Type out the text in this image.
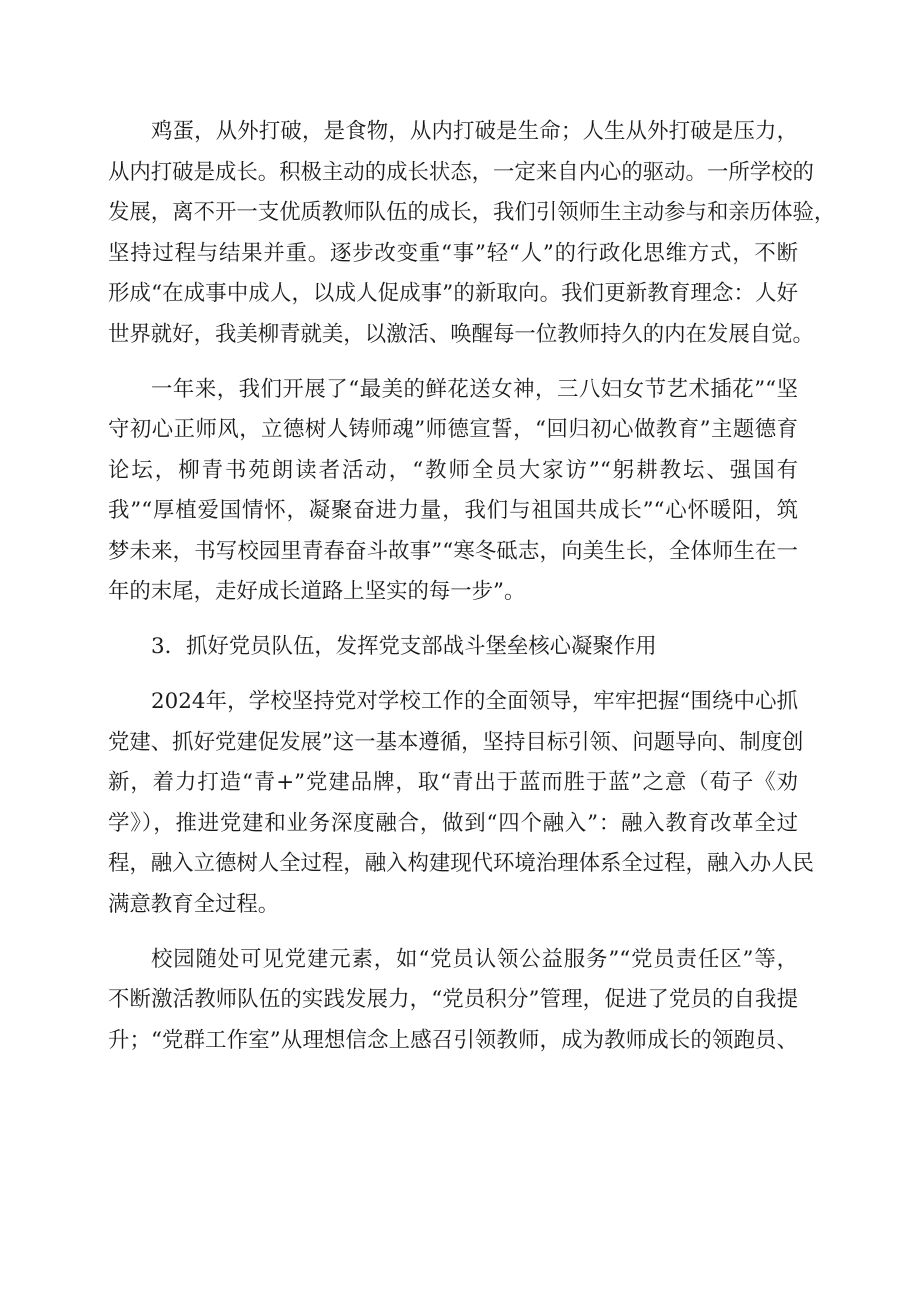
鸡蛋，从外打破，是食物，从内打破是生命；人生从外打破是压力，
从内打破是成长。积极主动的成长状态，一定来自内心的驱动。一所学校的
发展，离不开一支优质教师队伍的成长，我们引领师生主动参与和亲历体验，
坚持过程与结果并重。逐步改变重“事”轻“人”的行政化思维方式，不断
形成“在成事中成人，以成人促成事”的新取向。我们更新教育理念：人好
世界就好，我美柳青就美，以激活、唤醒每一位教师持久的内在发展自觉。
一年来，我们开展了“最美的鲜花送女神，三八妇女节艺术插花”“坚
守初心正师风，立德树人铸师魂”师德宣誓，“回归初心做教育”主题德育
论坛，柳青书苑朗读者活动，“教师全员大家访”“躬耕教坛、强国有
我”“厚植爱国情怀，凝聚奋进力量，我们与祖国共成长”“心怀暖阳，筑
梦未来，书写校园里青春奋斗故事”“寒冬砥志，向美生长，全体师生在一
年的末尾，走好成长道路上坚实的每一步”。
3．抓好党员队伍，发挥党支部战斗堡垒核心凝聚作用
2024年，学校坚持党对学校工作的全面领导，牢牢把握“围绕中心抓
党建、抓好党建促发展”这一基本遵循，坚持目标引领、问题导向、制度创
新，着力打造“青+”党建品牌，取“青出于蓝而胜于蓝”之意（荀子《劝
学》），推进党建和业务深度融合，做到“四个融入”：融入教育改革全过
程，融入立德树人全过程，融入构建现代环境治理体系全过程，融入办人民
满意教育全过程。
校园随处可见党建元素，如“党员认领公益服务”“党员责任区”等，
不断激活教师队伍的实践发展力，“党员积分”管理，促进了党员的自我提
升；“党群工作室”从理想信念上感召引领教师，成为教师成长的领跑员、
